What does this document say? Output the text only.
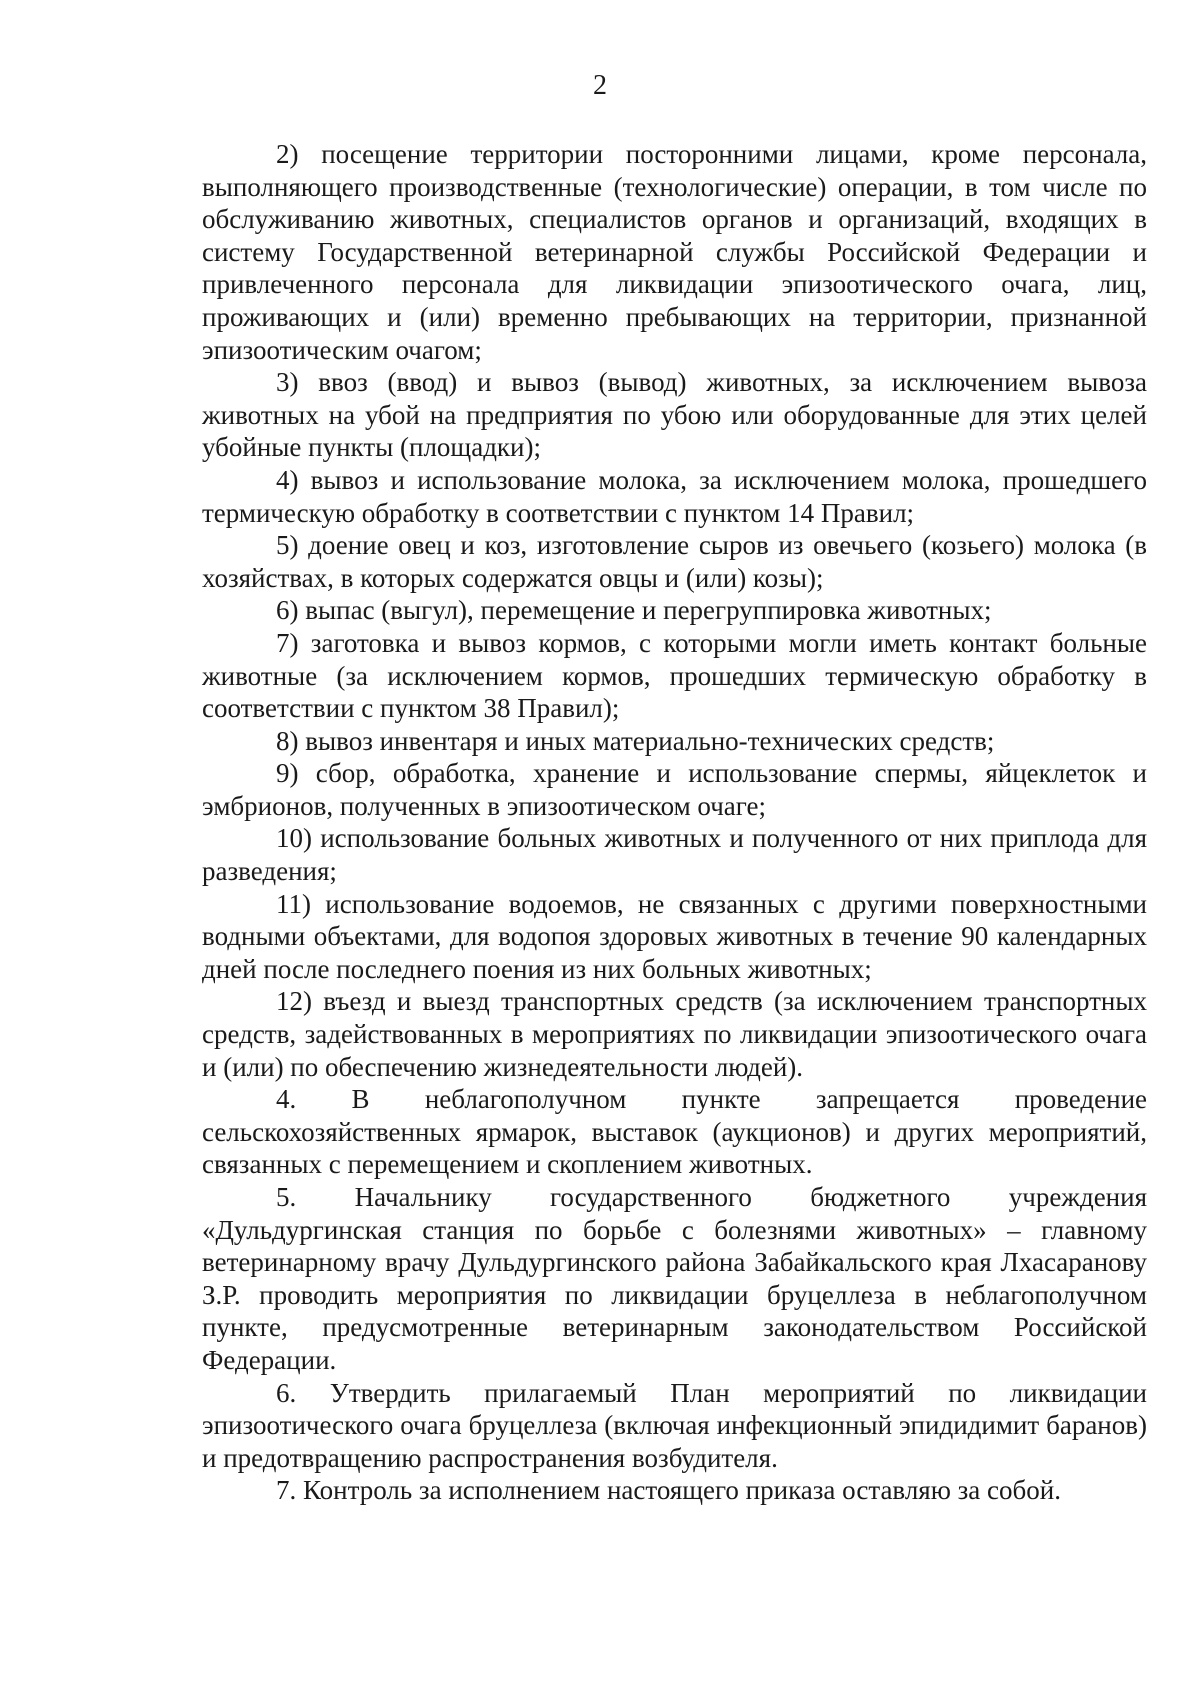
2

2) посещение территории посторонними лицами, кроме персонала, выполняющего производственные (технологические) операции, в том числе по обслуживанию животных, специалистов органов и организаций, входящих в систему Государственной ветеринарной службы Российской Федерации и привлеченного персонала для ликвидации эпизоотического очага, лиц, проживающих и (или) временно пребывающих на территории, признанной эпизоотическим очагом;

3) ввоз (ввод) и вывоз (вывод) животных, за исключением вывоза животных на убой на предприятия по убою или оборудованные для этих целей убойные пункты (площадки);

4) вывоз и использование молока, за исключением молока, прошедшего термическую обработку в соответствии с пунктом 14 Правил;

5) доение овец и коз, изготовление сыров из овечьего (козьего) молока (в хозяйствах, в которых содержатся овцы и (или) козы);

6) выпас (выгул), перемещение и перегруппировка животных;

7) заготовка и вывоз кормов, с которыми могли иметь контакт больные животные (за исключением кормов, прошедших термическую обработку в соответствии с пунктом 38 Правил);

8) вывоз инвентаря и иных материально-технических средств;

9) сбор, обработка, хранение и использование спермы, яйцеклеток и эмбрионов, полученных в эпизоотическом очаге;

10) использование больных животных и полученного от них приплода для разведения;

11) использование водоемов, не связанных с другими поверхностными водными объектами, для водопоя здоровых животных в течение 90 календарных дней после последнего поения из них больных животных;

12) въезд и выезд транспортных средств (за исключением транспортных средств, задействованных в мероприятиях по ликвидации эпизоотического очага и (или) по обеспечению жизнедеятельности людей).

4. В неблагополучном пункте запрещается проведение сельскохозяйственных ярмарок, выставок (аукционов) и других мероприятий, связанных с перемещением и скоплением животных.

5. Начальнику государственного бюджетного учреждения «Дульдургинская станция по борьбе с болезнями животных» – главному ветеринарному врачу Дульдургинского района Забайкальского края Лхасаранову З.Р. проводить мероприятия по ликвидации бруцеллеза в неблагополучном пункте, предусмотренные ветеринарным законодательством Российской Федерации.

6. Утвердить прилагаемый План мероприятий по ликвидации эпизоотического очага бруцеллеза (включая инфекционный эпидидимит баранов) и предотвращению распространения возбудителя.

7. Контроль за исполнением настоящего приказа оставляю за собой.
